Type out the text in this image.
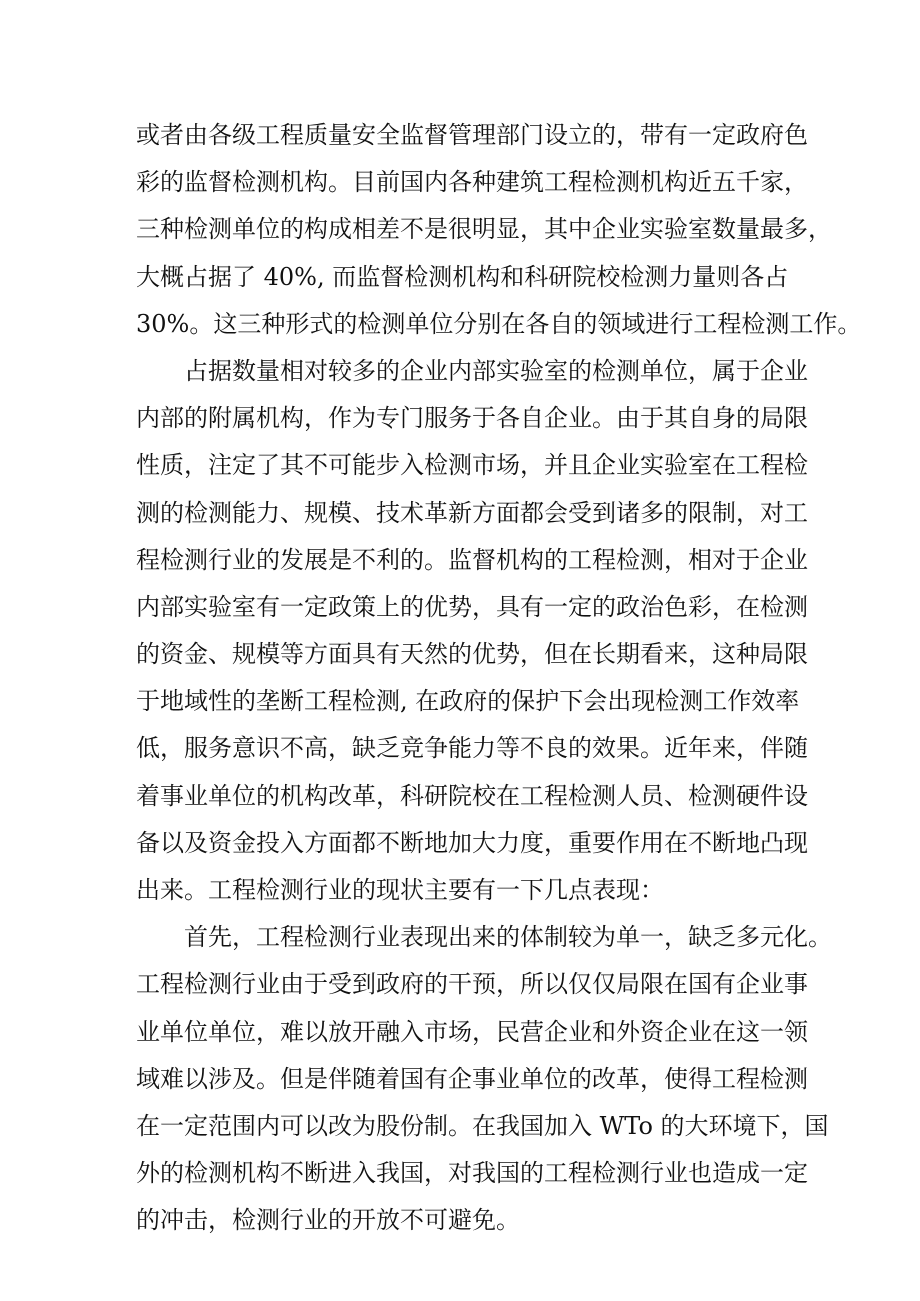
或者由各级工程质量安全监督管理部门设立的，带有一定政府色
彩的监督检测机构。目前国内各种建筑工程检测机构近五千家，
三种检测单位的构成相差不是很明显，其中企业实验室数量最多，
大概占据了 40%, 而监督检测机构和科研院校检测力量则各占
30%。这三种形式的检测单位分别在各自的领域进行工程检测工作。
占据数量相对较多的企业内部实验室的检测单位，属于企业
内部的附属机构，作为专门服务于各自企业。由于其自身的局限
性质，注定了其不可能步入检测市场，并且企业实验室在工程检
测的检测能力、规模、技术革新方面都会受到诸多的限制，对工
程检测行业的发展是不利的。监督机构的工程检测，相对于企业
内部实验室有一定政策上的优势，具有一定的政治色彩，在检测
的资金、规模等方面具有天然的优势，但在长期看来，这种局限
于地域性的垄断工程检测, 在政府的保护下会出现检测工作效率
低，服务意识不高，缺乏竞争能力等不良的效果。近年来，伴随
着事业单位的机构改革，科研院校在工程检测人员、检测硬件设
备以及资金投入方面都不断地加大力度，重要作用在不断地凸现
出来。工程检测行业的现状主要有一下几点表现：
首先，工程检测行业表现出来的体制较为单一，缺乏多元化。
工程检测行业由于受到政府的干预，所以仅仅局限在国有企业事
业单位单位，难以放开融入市场，民营企业和外资企业在这一领
域难以涉及。但是伴随着国有企事业单位的改革，使得工程检测
在一定范围内可以改为股份制。在我国加入 WTo 的大环境下，国
外的检测机构不断进入我国，对我国的工程检测行业也造成一定
的冲击，检测行业的开放不可避免。
